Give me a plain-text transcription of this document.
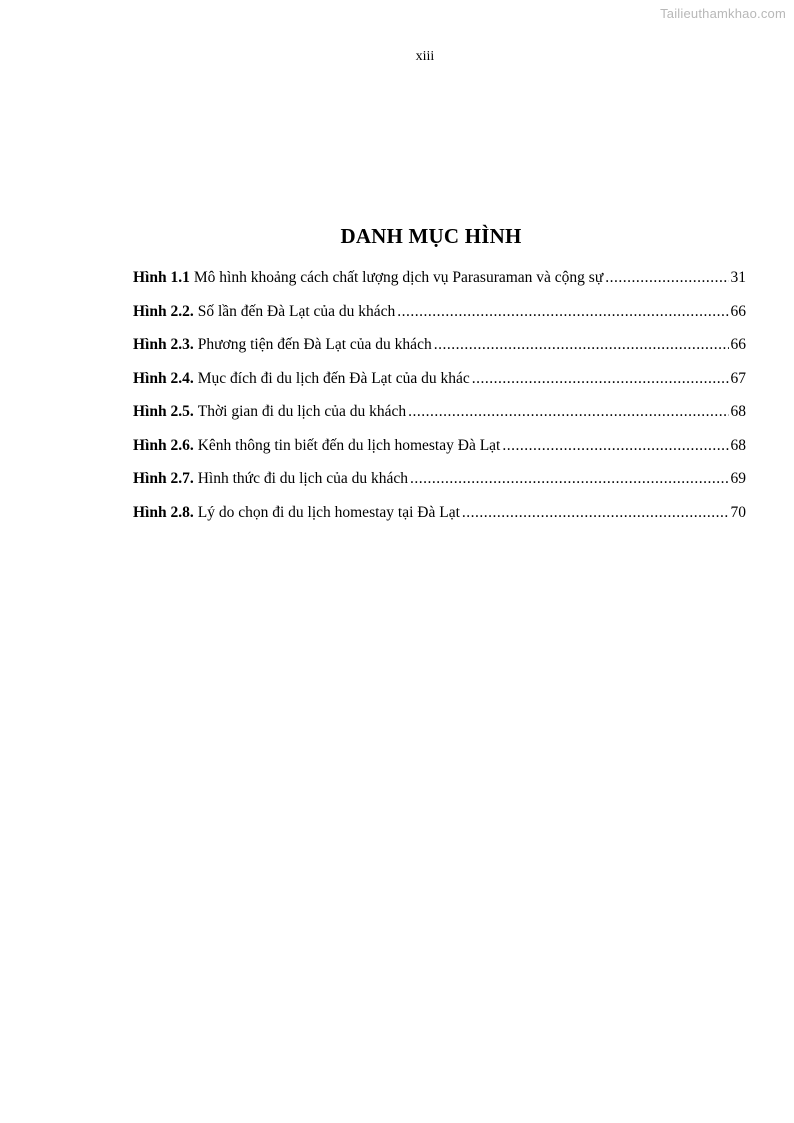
Tailieuthamkhao.com
xiii
DANH MỤC HÌNH
Hình 1.1 Mô hình khoảng cách chất lượng dịch vụ Parasuraman và cộng sự .....	31
Hình 2.2. Số lần đến Đà Lạt của du khách .....	66
Hình 2.3. Phương tiện đến Đà Lạt của du khách .....	66
Hình 2.4. Mục đích đi du lịch đến Đà Lạt của du khác .....	67
Hình 2.5. Thời gian đi du lịch của du khách .....	68
Hình 2.6. Kênh thông tin biết đến du lịch homestay Đà Lạt .....	68
Hình 2.7. Hình thức đi du lịch của du khách .....	69
Hình 2.8. Lý do chọn đi du lịch homestay tại Đà Lạt .....	70
